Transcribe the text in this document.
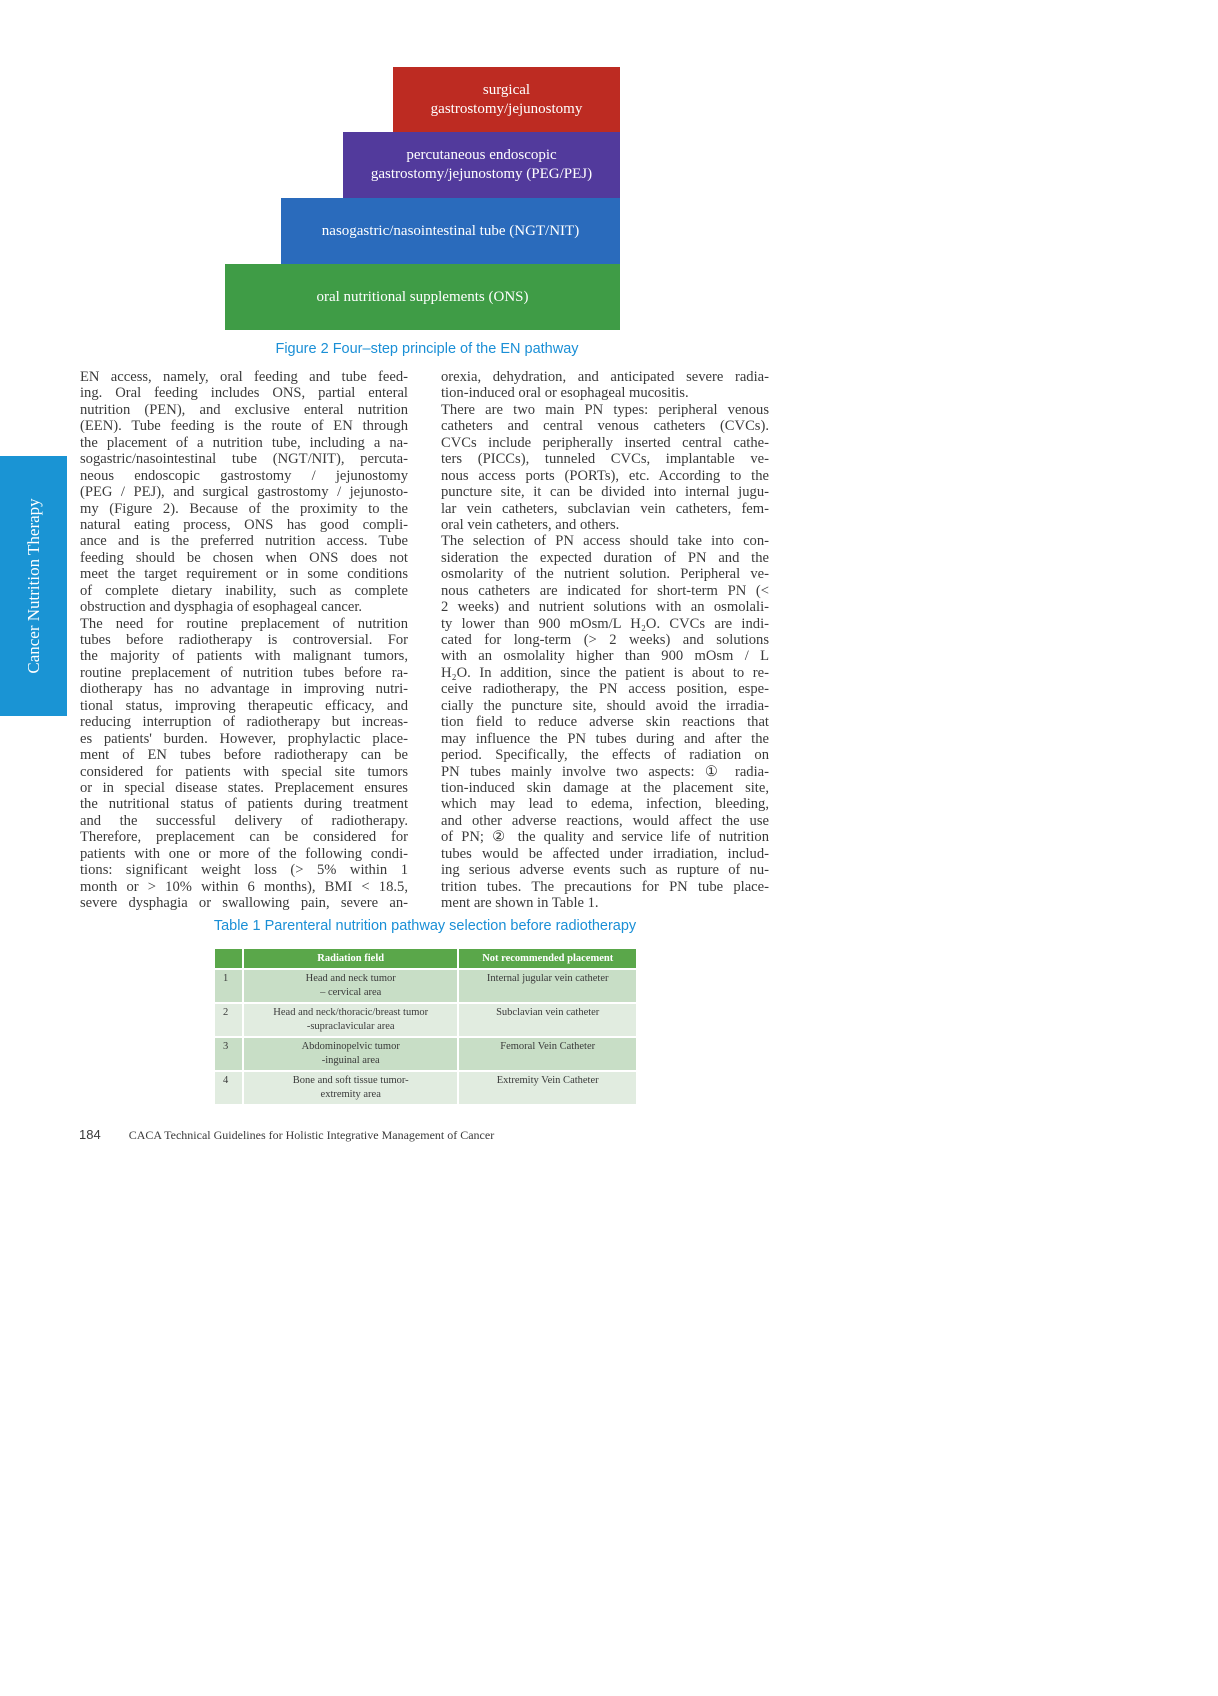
surgical
gastrostomy/jejunostomy
percutaneous endoscopic
gastrostomy/jejunostomy (PEG/PEJ)
nasogastric/nasointestinal tube (NGT/NIT)
oral nutritional supplements (ONS)
Figure 2 Four–step principle of the EN pathway
Cancer Nutrition Therapy
EN access, namely, oral feeding and tube feed-
ing. Oral feeding includes ONS, partial enteral
nutrition (PEN), and exclusive enteral nutrition
(EEN). Tube feeding is the route of EN through
the placement of a nutrition tube, including a na-
sogastric/nasointestinal tube (NGT/NIT), percuta-
neous endoscopic gastrostomy / jejunostomy
(PEG / PEJ), and surgical gastrostomy / jejunosto-
my (Figure 2). Because of the proximity to the
natural eating process, ONS has good compli-
ance and is the preferred nutrition access. Tube
feeding should be chosen when ONS does not
meet the target requirement or in some conditions
of complete dietary inability, such as complete
obstruction and dysphagia of esophageal cancer.
The need for routine preplacement of nutrition
tubes before radiotherapy is controversial. For
the majority of patients with malignant tumors,
routine preplacement of nutrition tubes before ra-
diotherapy has no advantage in improving nutri-
tional status, improving therapeutic efficacy, and
reducing interruption of radiotherapy but increas-
es patients' burden. However, prophylactic place-
ment of EN tubes before radiotherapy can be
considered for patients with special site tumors
or in special disease states. Preplacement ensures
the nutritional status of patients during treatment
and the successful delivery of radiotherapy.
Therefore, preplacement can be considered for
patients with one or more of the following condi-
tions: significant weight loss (> 5% within 1
month or > 10% within 6 months), BMI < 18.5,
severe dysphagia or swallowing pain, severe an-
orexia, dehydration, and anticipated severe radia-
tion-induced oral or esophageal mucositis.
There are two main PN types: peripheral venous
catheters and central venous catheters (CVCs).
CVCs include peripherally inserted central cathe-
ters (PICCs), tunneled CVCs, implantable ve-
nous access ports (PORTs), etc. According to the
puncture site, it can be divided into internal jugu-
lar vein catheters, subclavian vein catheters, fem-
oral vein catheters, and others.
The selection of PN access should take into con-
sideration the expected duration of PN and the
osmolarity of the nutrient solution. Peripheral ve-
nous catheters are indicated for short-term PN (<
2 weeks) and nutrient solutions with an osmolali-
ty lower than 900 mOsm/L H₂O. CVCs are indi-
cated for long-term (> 2 weeks) and solutions
with an osmolality higher than 900 mOsm / L
H₂O. In addition, since the patient is about to re-
ceive radiotherapy, the PN access position, espe-
cially the puncture site, should avoid the irradia-
tion field to reduce adverse skin reactions that
may influence the PN tubes during and after the
period. Specifically, the effects of radiation on
PN tubes mainly involve two aspects: ① radia-
tion-induced skin damage at the placement site,
which may lead to edema, infection, bleeding,
and other adverse reactions, would affect the use
of PN; ② the quality and service life of nutrition
tubes would be affected under irradiation, includ-
ing serious adverse events such as rupture of nu-
trition tubes. The precautions for PN tube place-
ment are shown in Table 1.
Table 1 Parenteral nutrition pathway selection before radiotherapy
	Radiation field	Not recommended placement
1	Head and neck tumor
– cervical area	Internal jugular vein catheter
2	Head and neck/thoracic/breast tumor
-supraclavicular area	Subclavian vein catheter
3	Abdominopelvic tumor
-inguinal area	Femoral Vein Catheter
4	Bone and soft tissue tumor-
extremity area	Extremity Vein Catheter
184 CACA Technical Guidelines for Holistic Integrative Management of Cancer
